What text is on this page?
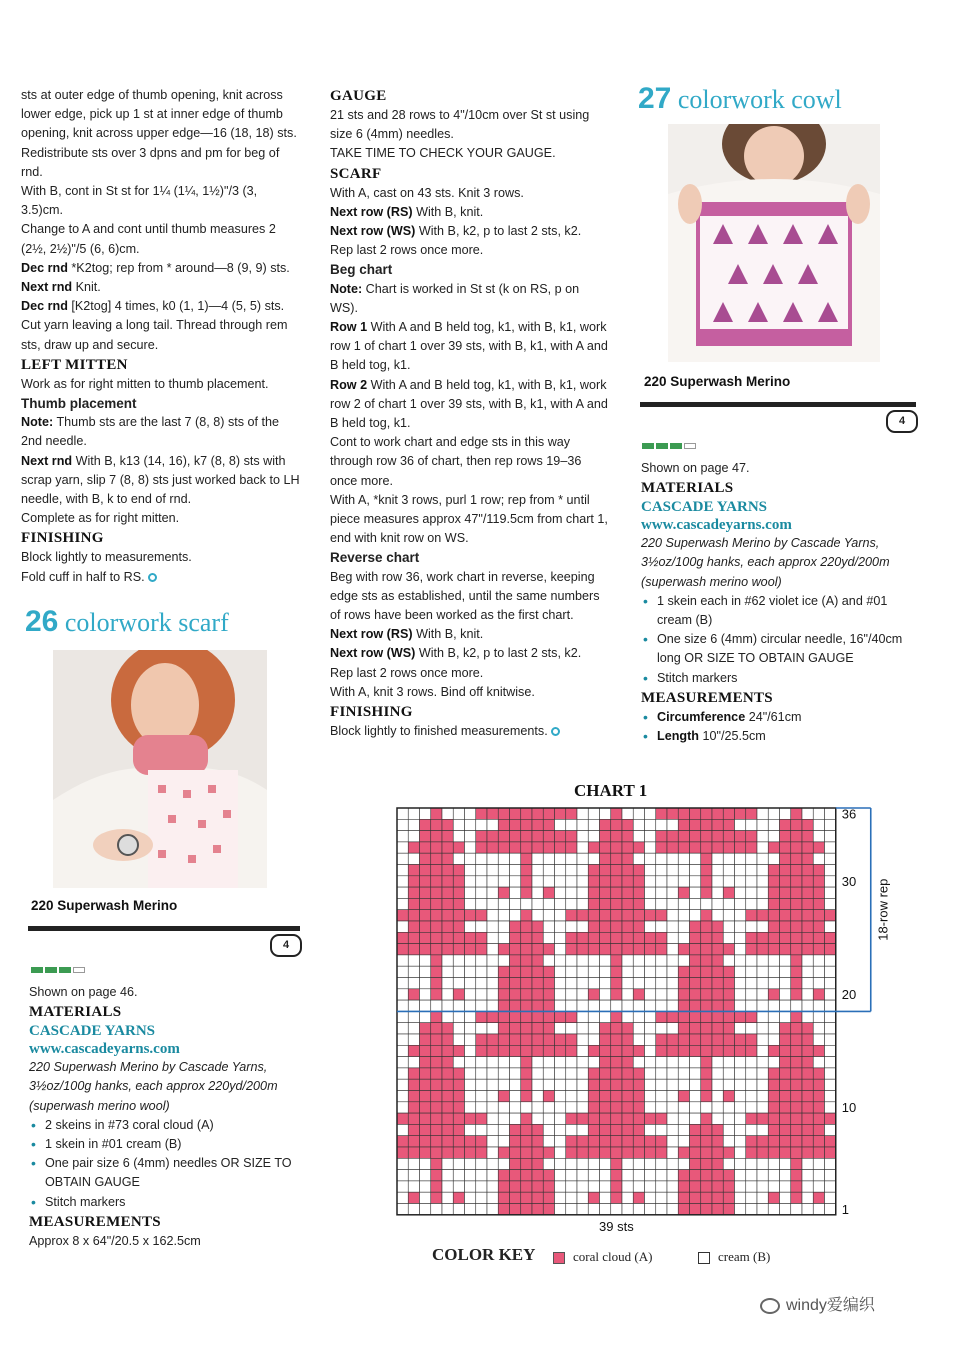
sts at outer edge of thumb opening, knit across lower edge, pick up 1 st at inner edge of thumb opening, knit across upper edge—16 (18, 18) sts. Redistribute sts over 3 dpns and pm for beg of rnd.

With B, cont in St st for 1¼ (1¼, 1½)"/3 (3, 3.5)cm.

Change to A and cont until thumb measures 2 (2½, 2½)"/5 (6, 6)cm.

Dec rnd *K2tog; rep from * around—8 (9, 9) sts.

Next rnd Knit.

Dec rnd [K2tog] 4 times, k0 (1, 1)—4 (5, 5) sts.

Cut yarn leaving a long tail. Thread through rem sts, draw up and secure.

LEFT MITTEN

Work as for right mitten to thumb placement.

Thumb placement

Note: Thumb sts are the last 7 (8, 8) sts of the 2nd needle.

Next rnd With B, k13 (14, 16), k7 (8, 8) sts with scrap yarn, slip 7 (8, 8) sts just worked back to LH needle, with B, k to end of rnd.

Complete as for right mitten.

FINISHING

Block lightly to measurements.

Fold cuff in half to RS.

26 colorwork scarf
220 Superwash Merino
4

Shown on page 46.

MATERIALS

CASCADE YARNS

www.cascadeyarns.com

220 Superwash Merino by Cascade Yarns, 3½oz/100g hanks, each approx 220yd/200m (superwash merino wool)

• 2 skeins in #73 coral cloud (A)
• 1 skein in #01 cream (B)
• One pair size 6 (4mm) needles OR SIZE TO OBTAIN GAUGE
• Stitch markers

MEASUREMENTS

Approx 8 x 64"/20.5 x 162.5cm

GAUGE

21 sts and 28 rows to 4"/10cm over St st using size 6 (4mm) needles.

TAKE TIME TO CHECK YOUR GAUGE.

SCARF

With A, cast on 43 sts. Knit 3 rows.

Next row (RS) With B, knit.

Next row (WS) With B, k2, p to last 2 sts, k2.

Rep last 2 rows once more.

Beg chart

Note: Chart is worked in St st (k on RS, p on WS).

Row 1 With A and B held tog, k1, with B, k1, work row 1 of chart 1 over 39 sts, with B, k1, with A and B held tog, k1.

Row 2 With A and B held tog, k1, with B, k1, work row 2 of chart 1 over 39 sts, with B, k1, with A and B held tog, k1.

Cont to work chart and edge sts in this way through row 36 of chart, then rep rows 19–36 once more.

With A, *knit 3 rows, purl 1 row; rep from * until piece measures approx 47"/119.5cm from chart 1, end with knit row on WS.

Reverse chart

Beg with row 36, work chart in reverse, keeping edge sts as established, until the same numbers of rows have been worked as the first chart.

Next row (RS) With B, knit.

Next row (WS) With B, k2, p to last 2 sts, k2.

Rep last 2 rows once more.

With A, knit 3 rows. Bind off knitwise.

FINISHING

Block lightly to finished measurements.

27 colorwork cowl
220 Superwash Merino
4

Shown on page 47.

MATERIALS

CASCADE YARNS

www.cascadeyarns.com

220 Superwash Merino by Cascade Yarns, 3½oz/100g hanks, each approx 220yd/200m (superwash merino wool)

• 1 skein each in #62 violet ice (A) and #01 cream (B)
• One size 6 (4mm) circular needle, 16"/40cm long OR SIZE TO OBTAIN GAUGE
• Stitch markers

MEASUREMENTS

• Circumference 24"/61cm
• Length 10"/25.5cm
CHART 1
36
30
20
10
1
18-row rep
39 sts
COLOR KEY	coral cloud (A)	cream (B)
windy爱编织
